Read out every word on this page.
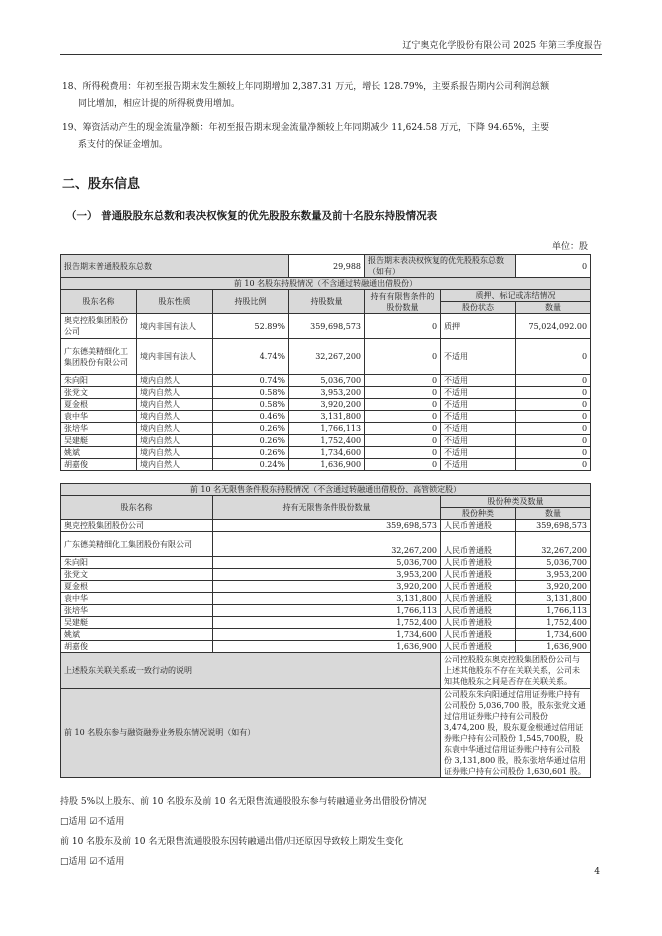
辽宁奥克化学股份有限公司 2025 年第三季度报告
18、所得税费用：年初至报告期末发生额较上年同期增加 2,387.31 万元，增长 128.79%，主要系报告期内公司利润总额
同比增加，相应计提的所得税费用增加。
19、筹资活动产生的现金流量净额：年初至报告期末现金流量净额较上年同期减少 11,624.58 万元，下降 94.65%，主要
系支付的保证金增加。
二、股东信息
（一） 普通股股东总数和表决权恢复的优先股股东数量及前十名股东持股情况表
单位：股
报告期末普通股股东总数			29,988	报告期末表决权恢复的优先股股东总数（如有）		0
前 10 名股东持股情况（不含通过转融通出借股份）						
股东名称	股东性质	持股比例	持股数量	持有有限售条件的股份数量	质押、标记或冻结情况	
					股份状态	数量
奥克控股集团股份公司	境内非国有法人	52.89%	359,698,573	0	质押	75,024,092.00
广东德美精细化工集团股份有限公司	境内非国有法人	4.74%	32,267,200	0	不适用	0
朱向阳	境内自然人	0.74%	5,036,700	0	不适用	0
张党文	境内自然人	0.58%	3,953,200	0	不适用	0
夏金根	境内自然人	0.58%	3,920,200	0	不适用	0
袁中华	境内自然人	0.46%	3,131,800	0	不适用	0
张培华	境内自然人	0.26%	1,766,113	0	不适用	0
吴建艇	境内自然人	0.26%	1,752,400	0	不适用	0
姚斌	境内自然人	0.26%	1,734,600	0	不适用	0
胡嘉俊	境内自然人	0.24%	1,636,900	0	不适用	0
前 10 名无限售条件股东持股情况（不含通过转融通出借股份、高管锁定股）			
股东名称	持有无限售条件股份数量	股份种类及数量	
		股份种类	数量
奥克控股集团股份公司	359,698,573	人民币普通股	359,698,573
广东德美精细化工集团股份有限公司	32,267,200	人民币普通股	32,267,200
朱向阳	5,036,700	人民币普通股	5,036,700
张党文	3,953,200	人民币普通股	3,953,200
夏金根	3,920,200	人民币普通股	3,920,200
袁中华	3,131,800	人民币普通股	3,131,800
张培华	1,766,113	人民币普通股	1,766,113
吴建艇	1,752,400	人民币普通股	1,752,400
姚斌	1,734,600	人民币普通股	1,734,600
胡嘉俊	1,636,900	人民币普通股	1,636,900
上述股东关联关系或一致行动的说明		公司控股股东奥克控股集团股份公司与上述其他股东不存在关联关系，公司未知其他股东之间是否存在关联关系。	
前 10 名股东参与融资融券业务股东情况说明（如有）		公司股东朱向阳通过信用证券账户持有公司股份 5,036,700 股，股东张党文通过信用证券账户持有公司股份 3,474,200 股，股东夏金根通过信用证券账户持有公司股份 1,545,700股，股东袁中华通过信用证券账户持有公司股份 3,131,800 股，股东张培华通过信用证券账户持有公司股份 1,630,601 股。	
持股 5%以上股东、前 10 名股东及前 10 名无限售流通股股东参与转融通业务出借股份情况
□适用 ☑不适用
前 10 名股东及前 10 名无限售流通股股东因转融通出借/归还原因导致较上期发生变化
□适用 ☑不适用
4
